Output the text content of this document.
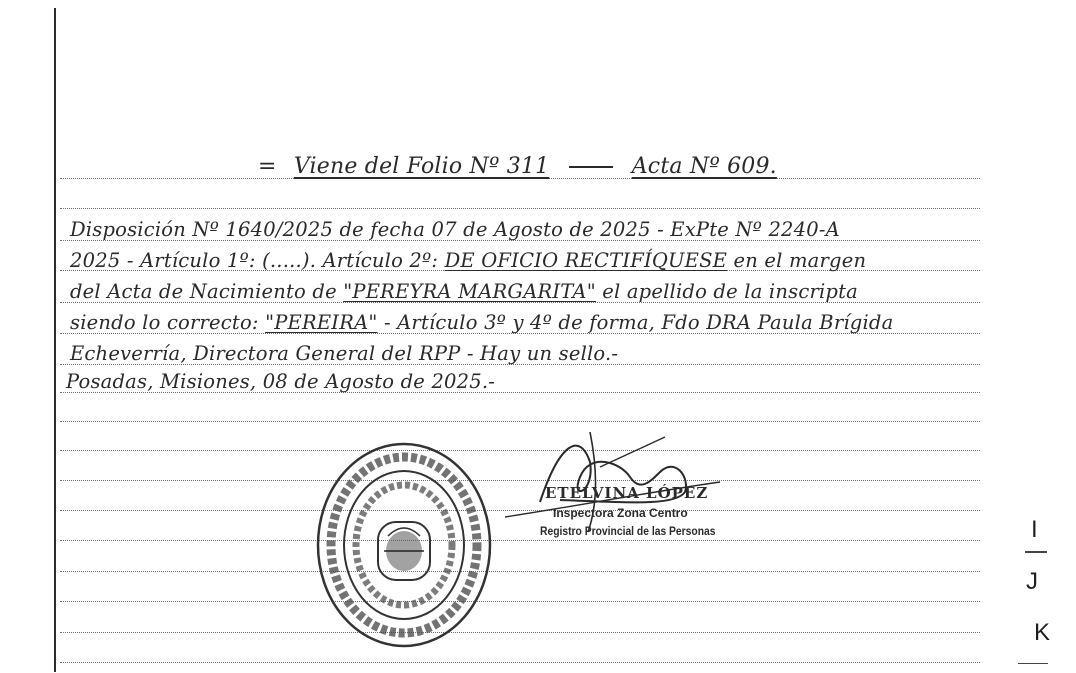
= Viene del Folio Nº 311	Acta Nº 609.
Disposición Nº 1640/2025 de fecha 07 de Agosto de 2025 - ExPte Nº 2240-A
2025 - Artículo 1º: (.....). Artículo 2º: DE OFICIO RECTIFÍQUESE en el margen
del Acta de Nacimiento de "PEREYRA MARGARITA" el apellido de la inscripta
siendo lo correcto: "PEREIRA" - Artículo 3º y 4º de forma, Fdo DRA Paula Brígida
Echeverría, Directora General del RPP - Hay un sello.-
Posadas, Misiones, 08 de Agosto de 2025.-
ETELVINA LÓPEZ
Inspectora Zona Centro
Registro Provincial de las Personas	I
J
K
